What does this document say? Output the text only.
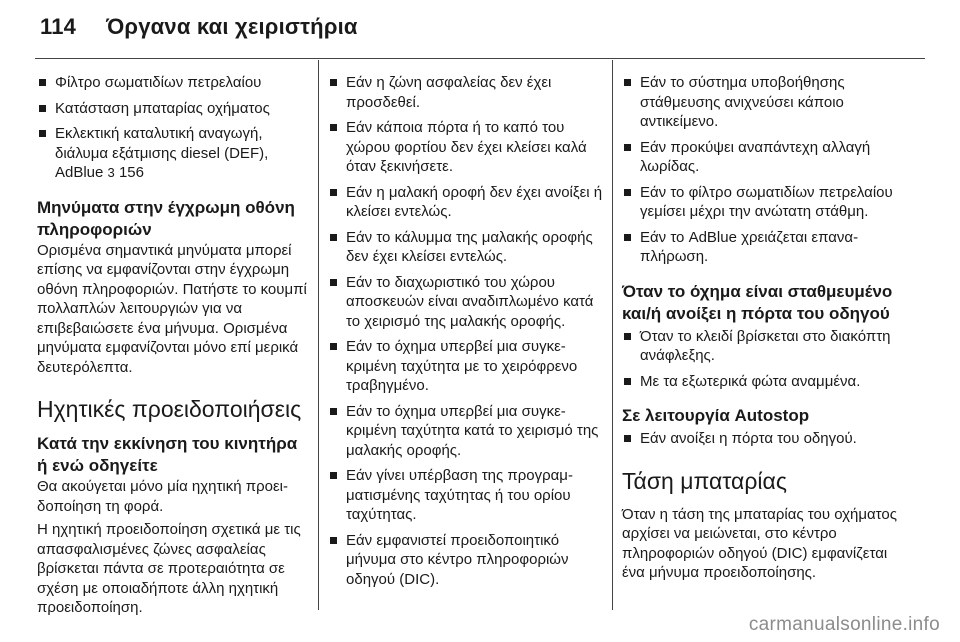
114 Όργανα και χειριστήρια
Φίλτρο σωματιδίων πετρελαίου
Κατάσταση μπαταρίας οχήματος
Εκλεκτική καταλυτική αναγωγή, διάλυμα εξάτμισης diesel (DEF), AdBlue 3 156
Μηνύματα στην έγχρωμη οθόνη πληροφοριών
Ορισμένα σημαντικά μηνύματα μπορεί επίσης να εμφανίζονται στην έγχρωμη οθόνη πληροφοριών. Πατήστε το κουμπί πολλαπλών λειτουργιών για να επιβεβαιώσετε ένα μήνυμα. Ορισμένα μηνύματα εμφανίζονται μόνο επί μερικά δευτερόλεπτα.
Ηχητικές προειδοποιήσεις
Κατά την εκκίνηση του κινητήρα ή ενώ οδηγείτε
Θα ακούγεται μόνο μία ηχητική προειδοποίηση τη φορά.
Η ηχητική προειδοποίηση σχετικά με τις απασφαλισμένες ζώνες ασφαλείας βρίσκεται πάντα σε προτεραιότητα σε σχέση με οποιαδήποτε άλλη ηχητική προειδοποίηση.
Εάν η ζώνη ασφαλείας δεν έχει προσδεθεί.
Εάν κάποια πόρτα ή το καπό του χώρου φορτίου δεν έχει κλείσει καλά όταν ξεκινήσετε.
Εάν η μαλακή οροφή δεν έχει ανοίξει ή κλείσει εντελώς.
Εάν το κάλυμμα της μαλακής οροφής δεν έχει κλείσει εντελώς.
Εάν το διαχωριστικό του χώρου αποσκευών είναι αναδιπλωμένο κατά το χειρισμό της μαλακής οροφής.
Εάν το όχημα υπερβεί μια συγκεκριμένη ταχύτητα με το χειρόφρενο τραβηγμένο.
Εάν το όχημα υπερβεί μια συγκεκριμένη ταχύτητα κατά το χειρισμό της μαλακής οροφής.
Εάν γίνει υπέρβαση της προγραμματισμένης ταχύτητας ή του ορίου ταχύτητας.
Εάν εμφανιστεί προειδοποιητικό μήνυμα στο κέντρο πληροφοριών οδηγού (DIC).
Εάν το σύστημα υποβοήθησης στάθμευσης ανιχνεύσει κάποιο αντικείμενο.
Εάν προκύψει αναπάντεχη αλλαγή λωρίδας.
Εάν το φίλτρο σωματιδίων πετρελαίου γεμίσει μέχρι την ανώτατη στάθμη.
Εάν το AdBlue χρειάζεται επαναπλήρωση.
Όταν το όχημα είναι σταθμευμένο και/ή ανοίξει η πόρτα του οδηγού
Όταν το κλειδί βρίσκεται στο διακόπτη ανάφλεξης.
Με τα εξωτερικά φώτα αναμμένα.
Σε λειτουργία Autostop
Εάν ανοίξει η πόρτα του οδηγού.
Τάση μπαταρίας
Όταν η τάση της μπαταρίας του οχήματος αρχίσει να μειώνεται, στο κέντρο πληροφοριών οδηγού (DIC) εμφανίζεται ένα μήνυμα προειδοποίησης.
carmanualsonline.info
